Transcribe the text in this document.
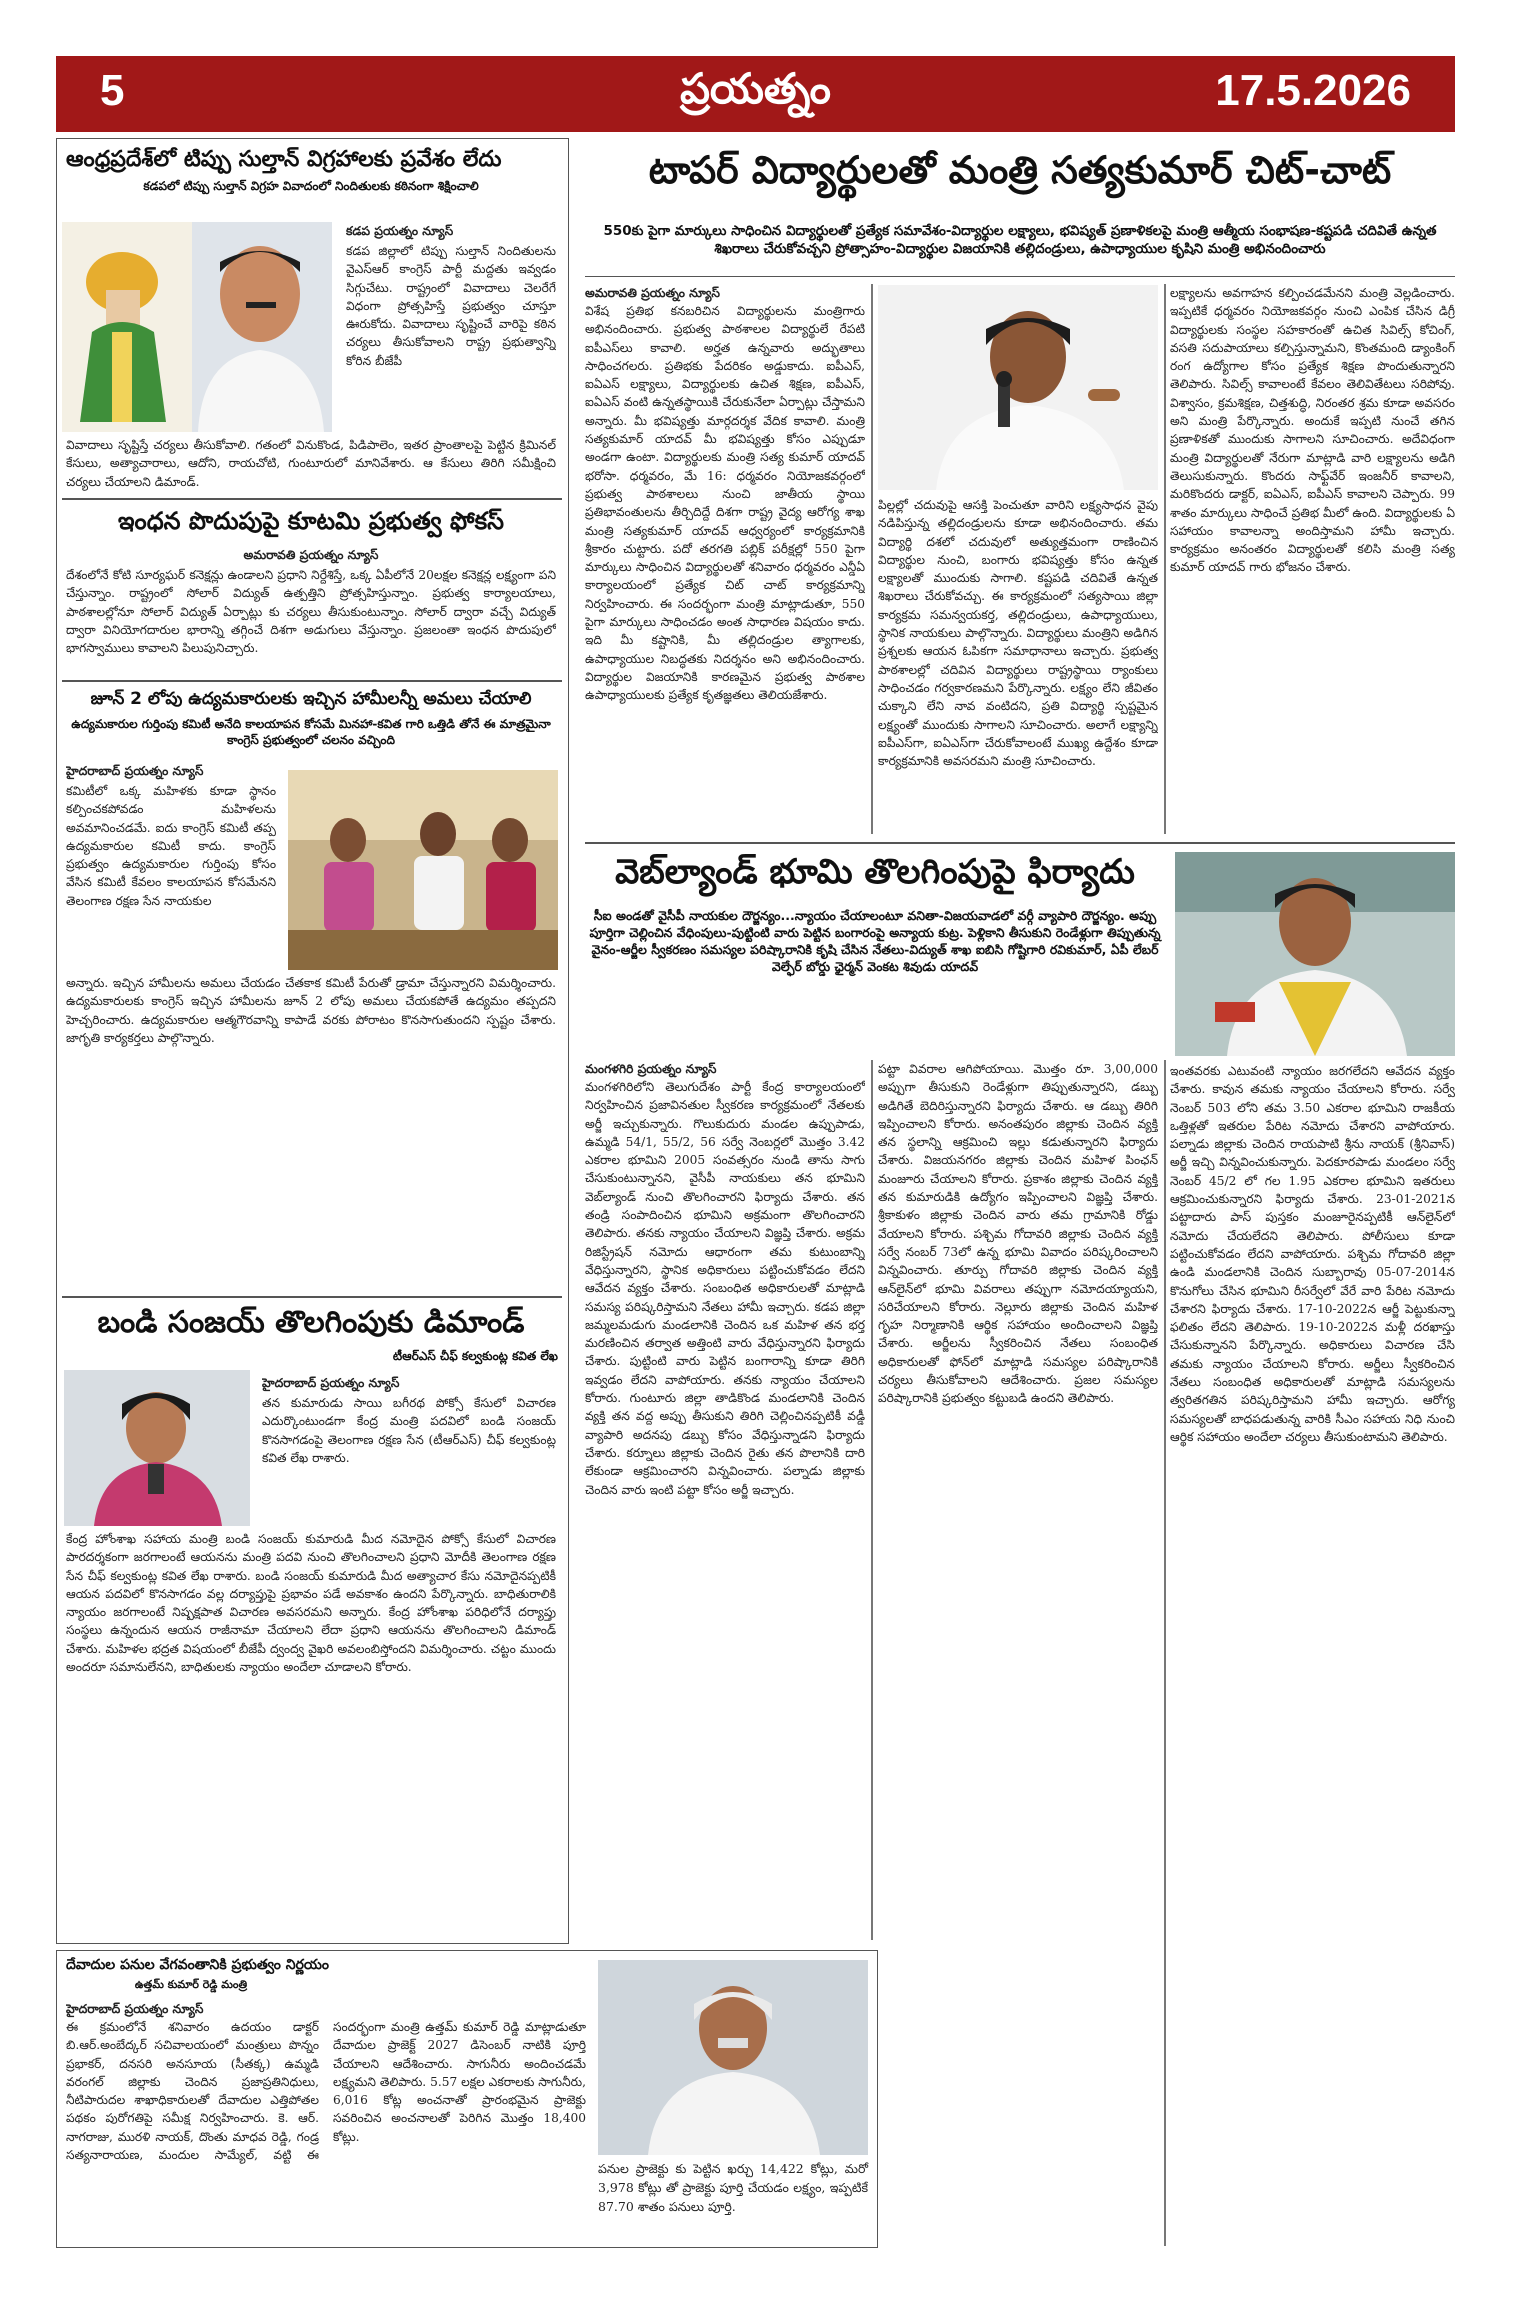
5	ప్రయత్నం	17.5.2026
ఆంధ్రప్రదేశ్‌లో టిప్పు సుల్తాన్ విగ్రహాలకు ప్రవేశం లేదు
కడపలో టిప్పు సుల్తాన్ విగ్రహ వివాదంలో నిందితులకు కఠినంగా శిక్షించాలి
కడప ప్రయత్నం న్యూస్
కడప జిల్లాలో టిప్పు సుల్తాన్ నిందితులను వైఎస్ఆర్ కాంగ్రెస్ పార్టీ మద్దతు ఇవ్వడం సిగ్గుచేటు. రాష్ట్రంలో వివాదాలు చెలరేగే విధంగా ప్రోత్సహిస్తే ప్రభుత్వం చూస్తూ ఊరుకోదు. వివాదాలు సృష్టించే వారిపై కఠిన చర్యలు తీసుకోవాలని రాష్ట్ర ప్రభుత్వాన్ని కోరిన బీజేపీ
వివాదాలు సృష్టిస్తే చర్యలు తీసుకోవాలి. గతంలో వినుకొండ, పిడిపాలెం, ఇతర ప్రాంతాలపై పెట్టిన క్రిమినల్ కేసులు, అత్యాచారాలు, ఆదోని, రాయచోటి, గుంటూరులో మానివేశారు. ఆ కేసులు తిరిగి సమీక్షించి చర్యలు చేయాలని డిమాండ్.
ఇంధన పొదుపుపై కూటమి ప్రభుత్వ ఫోకస్
అమరావతి ప్రయత్నం న్యూస్
దేశంలోనే కోటి సూర్యఘర్ కనెక్షన్లు ఉండాలని ప్రధాని నిర్దేశిస్తే, ఒక్క ఏపీలోనే 20లక్షల కనెక్షన్ల లక్ష్యంగా పని చేస్తున్నాం. రాష్ట్రంలో సోలార్ విద్యుత్ ఉత్పత్తిని ప్రోత్సహిస్తున్నాం. ప్రభుత్వ కార్యాలయాలు, పాఠశాలల్లోనూ సోలార్ విద్యుత్ ఏర్పాట్లు కు చర్యలు తీసుకుంటున్నాం. సోలార్ ద్వారా వచ్చే విద్యుత్ ద్వారా వినియోగదారుల భారాన్ని తగ్గించే దిశగా అడుగులు వేస్తున్నాం. ప్రజలంతా ఇంధన పొదుపులో భాగస్వాములు కావాలని పిలుపునిచ్చారు.
జూన్ 2 లోపు ఉద్యమకారులకు ఇచ్చిన హామీలన్నీ అమలు చేయాలి
ఉద్యమకారుల గుర్తింపు కమిటీ అనేది కాలయాపన కోసమే మినహా-కవిత గారి ఒత్తిడి తోనే ఈ మాత్రమైనా కాంగ్రెస్ ప్రభుత్వంలో చలనం వచ్చింది
హైదరాబాద్ ప్రయత్నం న్యూస్
కమిటీలో ఒక్క మహిళకు కూడా స్థానం కల్పించకపోవడం మహిళలను అవమానించడమే. ఐదు కాంగ్రెస్ కమిటీ తప్ప ఉద్యమకారుల కమిటీ కాదు. కాంగ్రెస్ ప్రభుత్వం ఉద్యమకారుల గుర్తింపు కోసం వేసిన కమిటీ కేవలం కాలయాపన కోసమేనని తెలంగాణ రక్షణ సేన నాయకుల
అన్నారు. ఇచ్చిన హామీలను అమలు చేయడం చేతకాక కమిటీ పేరుతో డ్రామా చేస్తున్నారని విమర్శించారు. ఉద్యమకారులకు కాంగ్రెస్ ఇచ్చిన హామీలను జూన్ 2 లోపు అమలు చేయకపోతే ఉద్యమం తప్పదని హెచ్చరించారు. ఉద్యమకారుల ఆత్మగౌరవాన్ని కాపాడే వరకు పోరాటం కొనసాగుతుందని స్పష్టం చేశారు. జాగృతి కార్యకర్తలు పాల్గొన్నారు.
బండి సంజయ్ తొలగింపుకు డిమాండ్
టీఆర్ఎస్ చీఫ్ కల్వకుంట్ల కవిత లేఖ
హైదరాబాద్ ప్రయత్నం న్యూస్
తన కుమారుడు సాయి బగీరథ పోక్సో కేసులో విచారణ ఎదుర్కొంటుండగా కేంద్ర మంత్రి పదవిలో బండి సంజయ్ కొనసాగడంపై తెలంగాణ రక్షణ సేన (టీఆర్ఎస్) చీఫ్ కల్వకుంట్ల కవిత లేఖ రాశారు.
కేంద్ర హోంశాఖ సహాయ మంత్రి బండి సంజయ్ కుమారుడి మీద నమోదైన పోక్సో కేసులో విచారణ పారదర్శకంగా జరగాలంటే ఆయనను మంత్రి పదవి నుంచి తొలగించాలని ప్రధాని మోదీకి తెలంగాణ రక్షణ సేన చీఫ్ కల్వకుంట్ల కవిత లేఖ రాశారు. బండి సంజయ్ కుమారుడి మీద అత్యాచార కేసు నమోదైనప్పటికీ ఆయన పదవిలో కొనసాగడం వల్ల దర్యాప్తుపై ప్రభావం పడే అవకాశం ఉందని పేర్కొన్నారు. బాధితురాలికి న్యాయం జరగాలంటే నిష్పక్షపాత విచారణ అవసరమని అన్నారు. కేంద్ర హోంశాఖ పరిధిలోనే దర్యాప్తు సంస్థలు ఉన్నందున ఆయన రాజీనామా చేయాలని లేదా ప్రధాని ఆయనను తొలగించాలని డిమాండ్ చేశారు. మహిళల భద్రత విషయంలో బీజేపీ ద్వంద్వ వైఖరి అవలంబిస్తోందని విమర్శించారు. చట్టం ముందు అందరూ సమానులేనని, బాధితులకు న్యాయం అందేలా చూడాలని కోరారు.
దేవాదుల పనుల వేగవంతానికి ప్రభుత్వం నిర్ణయం
ఉత్తమ్ కుమార్ రెడ్డి మంత్రి
హైదరాబాద్ ప్రయత్నం న్యూస్
ఈ క్రమంలోనే శనివారం ఉదయం డాక్టర్ బి.ఆర్.అంబేద్కర్ సచివాలయంలో మంత్రులు పొన్నం ప్రభాకర్, దనసరి అనసూయ (సీతక్క) ఉమ్మడి వరంగల్ జిల్లాకు చెందిన ప్రజాప్రతినిధులు, నీటిపారుదల శాఖాధికారులతో దేవాదుల ఎత్తిపోతల పథకం పురోగతిపై సమీక్ష నిర్వహించారు. కె. ఆర్. నాగరాజు, మురళి నాయక్, దొంతు మాధవ రెడ్డి, గండ్ర సత్యనారాయణ, మందుల సామ్యేల్, వట్టి ఈ సందర్భంగా మంత్రి ఉత్తమ్ కుమార్ రెడ్డి మాట్లాడుతూ దేవాదుల ప్రాజెక్ట్ 2027 డిసెంబర్ నాటికి పూర్తి చేయాలని ఆదేశించారు. సాగునీరు అందించడమే లక్ష్యమని తెలిపారు. 5.57 లక్షల ఎకరాలకు సాగునీరు, 6,016 కోట్ల అంచనాతో ప్రారంభమైన ప్రాజెక్టు సవరించిన అంచనాలతో పెరిగిన మొత్తం 18,400 కోట్లు.
పనుల ప్రాజెక్టు కు పెట్టిన ఖర్చు 14,422 కోట్లు, మరో 3,978 కోట్లు తో ప్రాజెక్టు పూర్తి చేయడం లక్ష్యం, ఇప్పటికే 87.70 శాతం పనులు పూర్తి.
టాపర్ విద్యార్థులతో మంత్రి సత్యకుమార్ చిట్-చాట్
550కు పైగా మార్కులు సాధించిన విద్యార్థులతో ప్రత్యేక సమావేశం-విద్యార్థుల లక్ష్యాలు, భవిష్యత్ ప్రణాళికలపై మంత్రి ఆత్మీయ సంభాషణ-కష్టపడి చదివితే ఉన్నత శిఖరాలు చేరుకోవచ్చని ప్రోత్సాహం-విద్యార్థుల విజయానికి తల్లిదండ్రులు, ఉపాధ్యాయుల కృషిని మంత్రి అభినందించారు
అమరావతి ప్రయత్నం న్యూస్
విశేష ప్రతిభ కనబరిచిన విద్యార్థులను మంత్రిగారు అభినందించారు. ప్రభుత్వ పాఠశాలల విద్యార్థులే రేపటి ఐపీఎస్‌లు కావాలి. అర్హత ఉన్నవారు అద్భుతాలు సాధించగలరు. ప్రతిభకు పేదరికం అడ్డుకాదు. ఐపీఎస్, ఐఏఎస్ లక్ష్యాలు, విద్యార్థులకు ఉచిత శిక్షణ, ఐపీఎస్, ఐఏఎస్ వంటి ఉన్నతస్థాయికి చేరుకునేలా ఏర్పాట్లు చేస్తామని అన్నారు. మీ భవిష్యత్తు మార్గదర్శక వేదిక కావాలి. మంత్రి సత్యకుమార్ యాదవ్ మీ భవిష్యత్తు కోసం ఎప్పుడూ అండగా ఉంటా. విద్యార్థులకు మంత్రి సత్య కుమార్ యాదవ్ భరోసా. ధర్మవరం, మే 16: ధర్మవరం నియోజకవర్గంలో ప్రభుత్వ పాఠశాలలు నుంచి జాతీయ స్థాయి ప్రతిభావంతులను తీర్చిదిద్దే దిశగా రాష్ట్ర వైద్య ఆరోగ్య శాఖ మంత్రి సత్యకుమార్ యాదవ్ ఆధ్వర్యంలో కార్యక్రమానికి శ్రీకారం చుట్టారు. పదో తరగతి పబ్లిక్ పరీక్షల్లో 550 పైగా మార్కులు సాధించిన విద్యార్థులతో శనివారం ధర్మవరం ఎన్డీఏ కార్యాలయంలో ప్రత్యేక చిట్ చాట్ కార్యక్రమాన్ని నిర్వహించారు. ఈ సందర్భంగా మంత్రి మాట్లాడుతూ, 550 పైగా మార్కులు సాధించడం అంత సాధారణ విషయం కాదు. ఇది మీ కష్టానికి, మీ తల్లిదండ్రుల త్యాగాలకు, ఉపాధ్యాయుల నిబద్ధతకు నిదర్శనం అని అభినందించారు. విద్యార్థుల విజయానికి కారణమైన ప్రభుత్వ పాఠశాల ఉపాధ్యాయులకు ప్రత్యేక కృతజ్ఞతలు తెలియజేశారు.
పిల్లల్లో చదువుపై ఆసక్తి పెంచుతూ వారిని లక్ష్యసాధన వైపు నడిపిస్తున్న తల్లిదండ్రులను కూడా అభినందించారు. తమ విద్యార్థి దశలో చదువులో అత్యుత్తమంగా రాణించిన విద్యార్థుల నుంచి, బంగారు భవిష్యత్తు కోసం ఉన్నత లక్ష్యాలతో ముందుకు సాగాలి. కష్టపడి చదివితే ఉన్నత శిఖరాలు చేరుకోవచ్చు. ఈ కార్యక్రమంలో సత్యసాయి జిల్లా కార్యక్రమ సమన్వయకర్త, తల్లిదండ్రులు, ఉపాధ్యాయులు, స్థానిక నాయకులు పాల్గొన్నారు. విద్యార్థులు మంత్రిని అడిగిన ప్రశ్నలకు ఆయన ఓపికగా సమాధానాలు ఇచ్చారు. ప్రభుత్వ పాఠశాలల్లో చదివిన విద్యార్థులు రాష్ట్రస్థాయి ర్యాంకులు సాధించడం గర్వకారణమని పేర్కొన్నారు. లక్ష్యం లేని జీవితం చుక్కాని లేని నావ వంటిదని, ప్రతి విద్యార్థి స్పష్టమైన లక్ష్యంతో ముందుకు సాగాలని సూచించారు. అలాగే లక్ష్యాన్ని ఐపీఎస్‌గా, ఐఏఎస్‌గా చేరుకోవాలంటే ముఖ్య ఉద్దేశం కూడా కార్యక్రమానికి అవసరమని మంత్రి సూచించారు.
లక్ష్యాలను అవగాహన కల్పించడమేనని మంత్రి వెల్లడించారు. ఇప్పటికే ధర్మవరం నియోజకవర్గం నుంచి ఎంపిక చేసిన డిగ్రీ విద్యార్థులకు సంస్థల సహకారంతో ఉచిత సివిల్స్ కోచింగ్, వసతి సదుపాయాలు కల్పిస్తున్నామని, కొంతమంది డ్యాంకింగ్ రంగ ఉద్యోగాల కోసం ప్రత్యేక శిక్షణ పొందుతున్నారని తెలిపారు. సివిల్స్ కావాలంటే కేవలం తెలివితేటలు సరిపోవు. విశ్వాసం, క్రమశిక్షణ, చిత్తశుద్ధి, నిరంతర శ్రమ కూడా అవసరం అని మంత్రి పేర్కొన్నారు. అందుకే ఇప్పటి నుంచే తగిన ప్రణాళికతో ముందుకు సాగాలని సూచించారు. అదేవిధంగా మంత్రి విద్యార్థులతో నేరుగా మాట్లాడి వారి లక్ష్యాలను అడిగి తెలుసుకున్నారు. కొందరు సాఫ్ట్‌వేర్ ఇంజనీర్ కావాలని, మరికొందరు డాక్టర్, ఐఏఎస్, ఐపీఎస్ కావాలని చెప్పారు. 99 శాతం మార్కులు సాధించే ప్రతిభ మీలో ఉంది. విద్యార్థులకు ఏ సహాయం కావాలన్నా అందిస్తామని హామీ ఇచ్చారు. కార్యక్రమం అనంతరం విద్యార్థులతో కలిసి మంత్రి సత్య కుమార్ యాదవ్ గారు భోజనం చేశారు.
వెబ్‌ల్యాండ్ భూమి తొలగింపుపై ఫిర్యాదు
సీఐ అండతో వైసీపీ నాయకుల దౌర్జన్యం...న్యాయం చేయాలంటూ వనితా-విజయవాడలో వర్గీ వ్యాపారి దౌర్జన్యం. అప్పు పూర్తిగా చెల్లించిన వేధింపులు-పుట్టింటి వారు పెట్టిన బంగారంపై అన్యాయ కుట్ర. పెళ్లికాని తీసుకుని రెండేళ్లుగా తిప్పుతున్న వైనం-ఆర్జీల స్వీకరణం సమస్యల పరిష్కారానికి కృషి చేసిన నేతలు-విద్యుత్ శాఖ ఐబిసి గోష్టిగారి రవికుమార్, ఏపీ లేబర్ వెల్ఫేర్ బోర్డు ఛైర్మన్ వెంకట శివుడు యాదవ్
మంగళగిరి ప్రయత్నం న్యూస్
మంగళగిరిలోని తెలుగుదేశం పార్టీ కేంద్ర కార్యాలయంలో నిర్వహించిన ప్రజావినతుల స్వీకరణ కార్యక్రమంలో నేతలకు అర్జీ ఇచ్చుకున్నారు. గొలుకుదురు మండల ఉప్పుపాడు, ఉమ్మడి 54/1, 55/2, 56 సర్వే నెంబర్లలో మొత్తం 3.42 ఎకరాల భూమిని 2005 సంవత్సరం నుండి తాను సాగు చేసుకుంటున్నానని, వైసీపీ నాయకులు తన భూమిని వెబ్‌ల్యాండ్ నుంచి తొలగించారని ఫిర్యాదు చేశారు. తన తండ్రి సంపాదించిన భూమిని అక్రమంగా తొలగించారని తెలిపారు. తనకు న్యాయం చేయాలని విజ్ఞప్తి చేశారు. అక్రమ రిజిస్ట్రేషన్ నమోదు ఆధారంగా తమ కుటుంబాన్ని వేధిస్తున్నారని, స్థానిక అధికారులు పట్టించుకోవడం లేదని ఆవేదన వ్యక్తం చేశారు. సంబంధిత అధికారులతో మాట్లాడి సమస్య పరిష్కరిస్తామని నేతలు హామీ ఇచ్చారు. కడప జిల్లా జమ్మలమడుగు మండలానికి చెందిన ఒక మహిళ తన భర్త మరణించిన తర్వాత అత్తింటి వారు వేధిస్తున్నారని ఫిర్యాదు చేశారు. పుట్టింటి వారు పెట్టిన బంగారాన్ని కూడా తిరిగి ఇవ్వడం లేదని వాపోయారు. తనకు న్యాయం చేయాలని కోరారు. గుంటూరు జిల్లా తాడికొండ మండలానికి చెందిన వ్యక్తి తన వద్ద అప్పు తీసుకుని తిరిగి చెల్లించినప్పటికీ వడ్డీ వ్యాపారి అదనపు డబ్బు కోసం వేధిస్తున్నాడని ఫిర్యాదు చేశారు. కర్నూలు జిల్లాకు చెందిన రైతు తన పొలానికి దారి లేకుండా ఆక్రమించారని విన్నవించారు. పల్నాడు జిల్లాకు చెందిన వారు ఇంటి పట్టా కోసం అర్జీ ఇచ్చారు.
పట్టా వివరాల ఆగిపోయాయి. మొత్తం రూ. 3,00,000 అప్పుగా తీసుకుని రెండేళ్లుగా తిప్పుతున్నారని, డబ్బు అడిగితే బెదిరిస్తున్నారని ఫిర్యాదు చేశారు. ఆ డబ్బు తిరిగి ఇప్పించాలని కోరారు. అనంతపురం జిల్లాకు చెందిన వ్యక్తి తన స్థలాన్ని ఆక్రమించి ఇల్లు కడుతున్నారని ఫిర్యాదు చేశారు. విజయనగరం జిల్లాకు చెందిన మహిళ పింఛన్ మంజూరు చేయాలని కోరారు. ప్రకాశం జిల్లాకు చెందిన వ్యక్తి తన కుమారుడికి ఉద్యోగం ఇప్పించాలని విజ్ఞప్తి చేశారు. శ్రీకాకుళం జిల్లాకు చెందిన వారు తమ గ్రామానికి రోడ్డు వేయాలని కోరారు. పశ్చిమ గోదావరి జిల్లాకు చెందిన వ్యక్తి సర్వే నంబర్ 73లో ఉన్న భూమి వివాదం పరిష్కరించాలని విన్నవించారు. తూర్పు గోదావరి జిల్లాకు చెందిన వ్యక్తి ఆన్‌లైన్‌లో భూమి వివరాలు తప్పుగా నమోదయ్యాయని, సరిచేయాలని కోరారు. నెల్లూరు జిల్లాకు చెందిన మహిళ గృహ నిర్మాణానికి ఆర్థిక సహాయం అందించాలని విజ్ఞప్తి చేశారు. అర్జీలను స్వీకరించిన నేతలు సంబంధిత అధికారులతో ఫోన్‌లో మాట్లాడి సమస్యల పరిష్కారానికి చర్యలు తీసుకోవాలని ఆదేశించారు. ప్రజల సమస్యల పరిష్కారానికి ప్రభుత్వం కట్టుబడి ఉందని తెలిపారు.
ఇంతవరకు ఎటువంటి న్యాయం జరగలేదని ఆవేదన వ్యక్తం చేశారు. కావున తమకు న్యాయం చేయాలని కోరారు. సర్వే నెంబర్ 503 లోని తమ 3.50 ఎకరాల భూమిని రాజకీయ ఒత్తిళ్లతో ఇతరుల పేరిట నమోదు చేశారని వాపోయారు. పల్నాడు జిల్లాకు చెందిన రాయపాటి శ్రీను నాయక్ (శ్రీనివాస్) అర్జీ ఇచ్చి విన్నవించుకున్నారు. పెదకూరపాడు మండలం సర్వే నెంబర్ 45/2 లో గల 1.95 ఎకరాల భూమిని ఇతరులు ఆక్రమించుకున్నారని ఫిర్యాదు చేశారు. 23-01-2021న పట్టాదారు పాస్ పుస్తకం మంజూరైనప్పటికీ ఆన్‌లైన్‌లో నమోదు చేయలేదని తెలిపారు. పోలీసులు కూడా పట్టించుకోవడం లేదని వాపోయారు. పశ్చిమ గోదావరి జిల్లా ఉండి మండలానికి చెందిన సుబ్బారావు 05-07-2014న కొనుగోలు చేసిన భూమిని రీసర్వేలో వేరే వారి పేరిట నమోదు చేశారని ఫిర్యాదు చేశారు. 17-10-2022న ఆర్జీ పెట్టుకున్నా ఫలితం లేదని తెలిపారు. 19-10-2022న మళ్లీ దరఖాస్తు చేసుకున్నానని పేర్కొన్నారు. అధికారులు విచారణ చేసి తమకు న్యాయం చేయాలని కోరారు. అర్జీలు స్వీకరించిన నేతలు సంబంధిత అధికారులతో మాట్లాడి సమస్యలను త్వరితగతిన పరిష్కరిస్తామని హామీ ఇచ్చారు. ఆరోగ్య సమస్యలతో బాధపడుతున్న వారికి సీఎం సహాయ నిధి నుంచి ఆర్థిక సహాయం అందేలా చర్యలు తీసుకుంటామని తెలిపారు.
